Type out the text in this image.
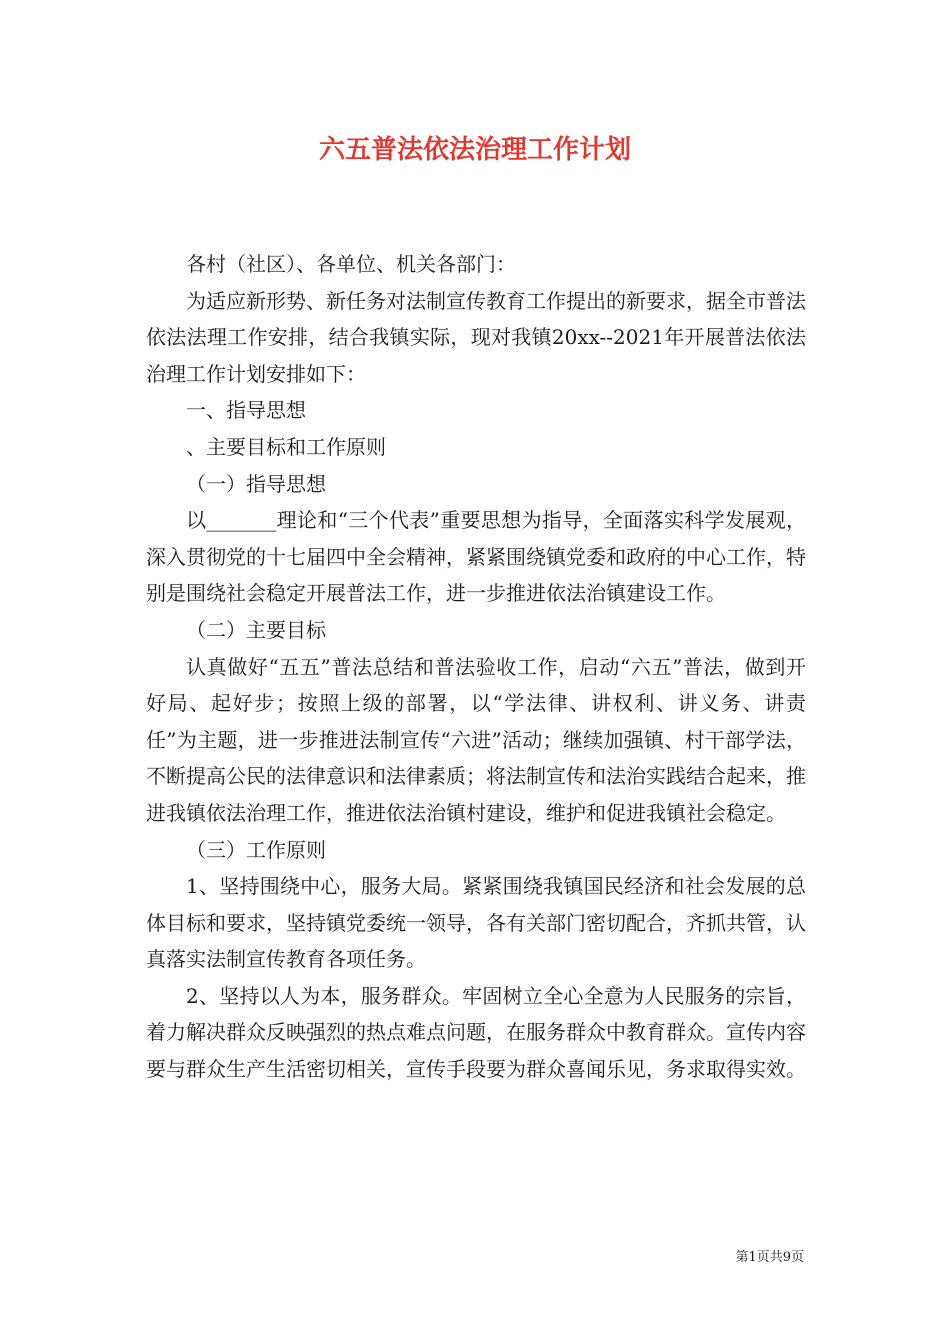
六五普法依法治理工作计划

各村（社区）、各单位、机关各部门：

为适应新形势、新任务对法制宣传教育工作提出的新要求，据全市普法依法法理工作安排，结合我镇实际，现对我镇20xx--2021年开展普法依法治理工作计划安排如下：

一、指导思想

、主要目标和工作原则

（一）指导思想

以_______理论和“三个代表”重要思想为指导，全面落实科学发展观，深入贯彻党的十七届四中全会精神，紧紧围绕镇党委和政府的中心工作，特别是围绕社会稳定开展普法工作，进一步推进依法治镇建设工作。

（二）主要目标

认真做好“五五”普法总结和普法验收工作，启动“六五”普法，做到开好局、起好步；按照上级的部署，以“学法律、讲权利、讲义务、讲责任”为主题，进一步推进法制宣传“六进”活动；继续加强镇、村干部学法，不断提高公民的法律意识和法律素质；将法制宣传和法治实践结合起来，推进我镇依法治理工作，推进依法治镇村建设，维护和促进我镇社会稳定。

（三）工作原则

1、坚持围绕中心，服务大局。紧紧围绕我镇国民经济和社会发展的总体目标和要求，坚持镇党委统一领导，各有关部门密切配合，齐抓共管，认真落实法制宣传教育各项任务。

2、坚持以人为本，服务群众。牢固树立全心全意为人民服务的宗旨，着力解决群众反映强烈的热点难点问题，在服务群众中教育群众。宣传内容要与群众生产生活密切相关，宣传手段要为群众喜闻乐见，务求取得实效。

第1页共9页
